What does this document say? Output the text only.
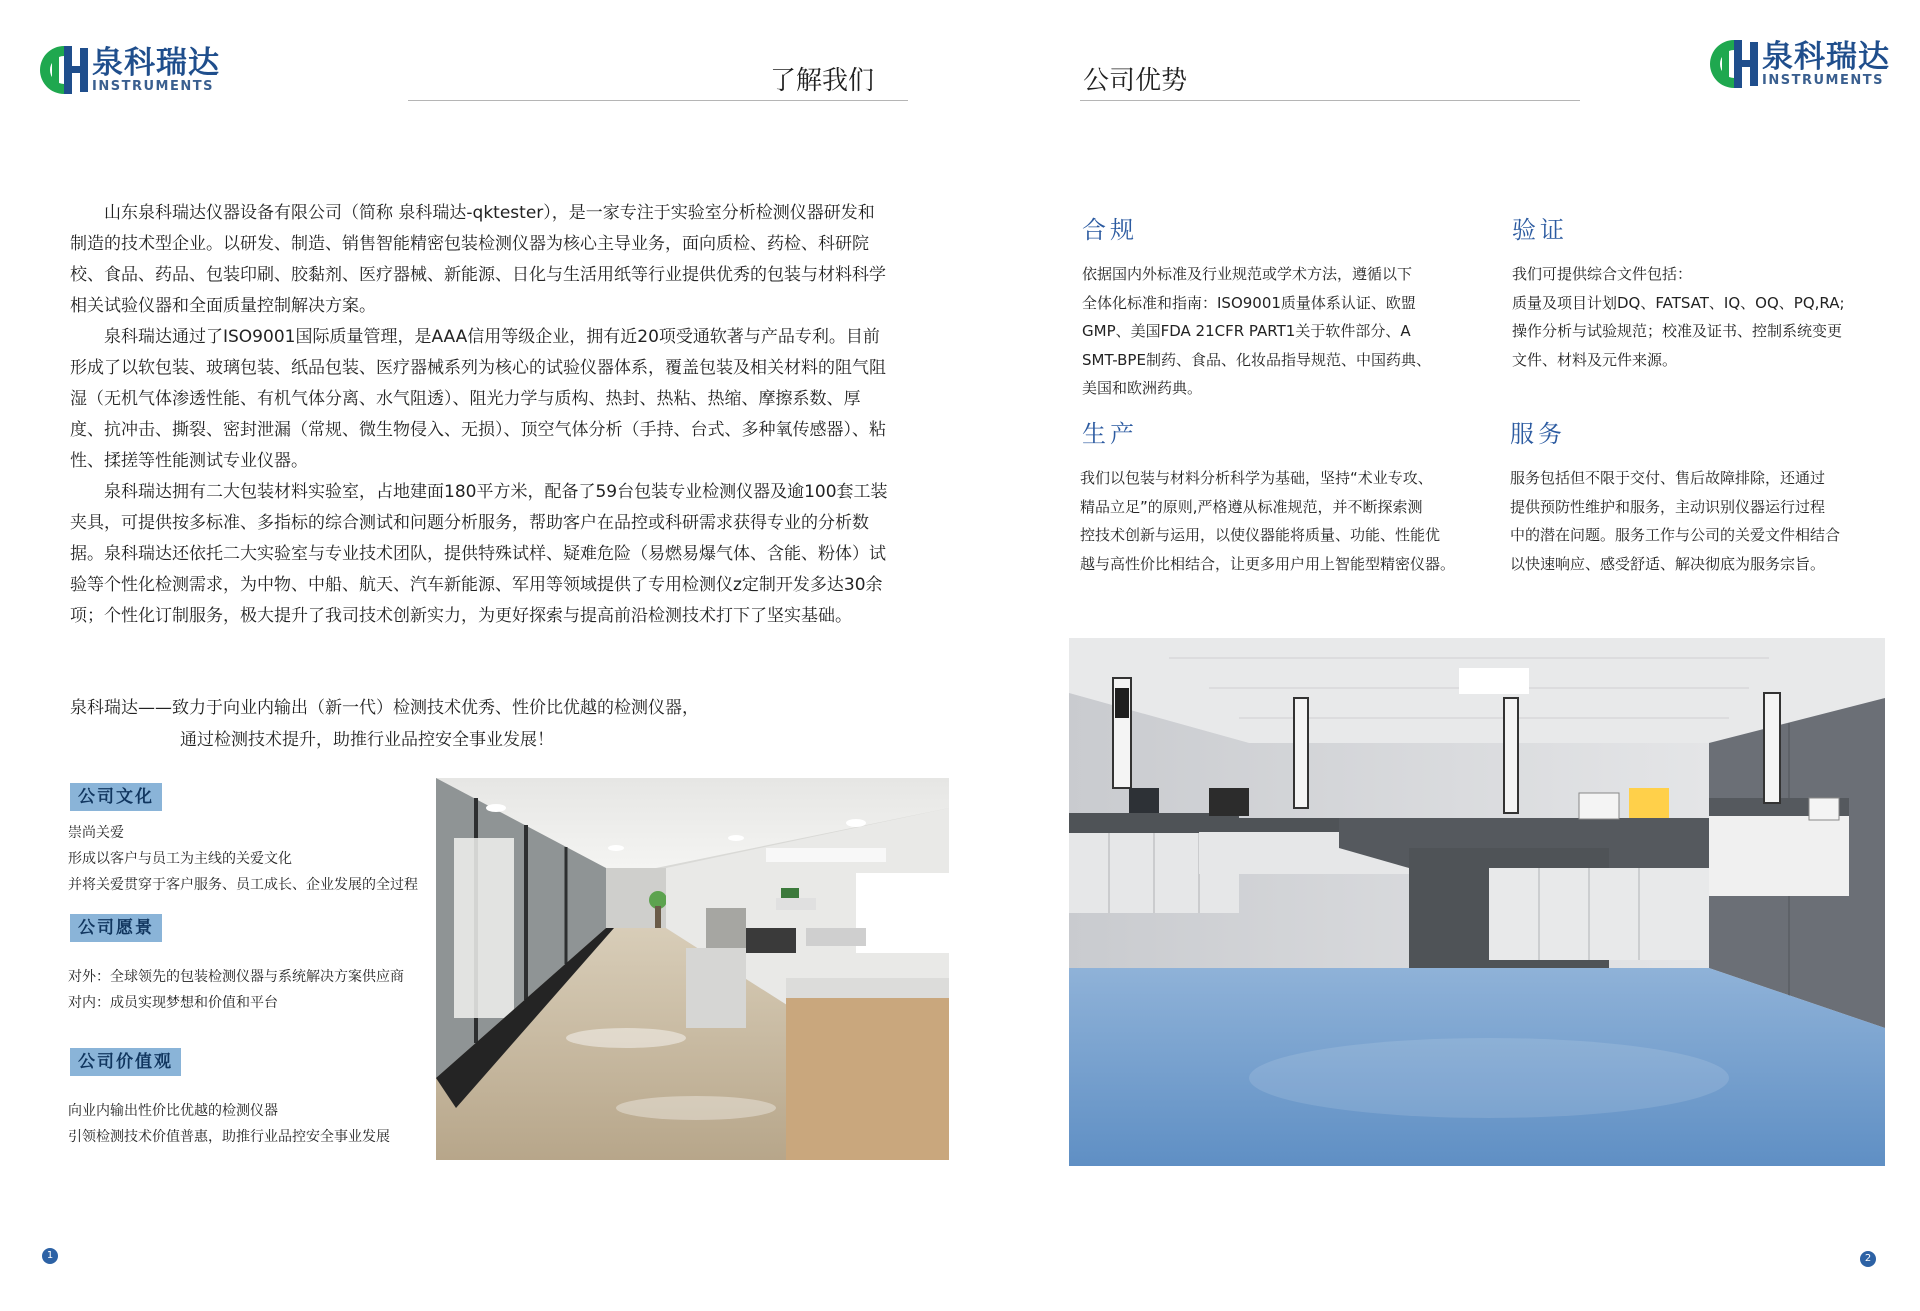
泉科瑞达
INSTRUMENTS	了解我们

山东泉科瑞达仪器设备有限公司（简称 泉科瑞达-qktester），是一家专注于实验室分析检测仪器研发和制造的技术型企业。以研发、制造、销售智能精密包装检测仪器为核心主导业务，面向质检、药检、科研院校、食品、药品、包装印刷、胶黏剂、医疗器械、新能源、日化与生活用纸等行业提供优秀的包装与材料科学相关试验仪器和全面质量控制解决方案。

泉科瑞达通过了ISO9001国际质量管理，是AAA信用等级企业，拥有近20项受通软著与产品专利。目前形成了以软包装、玻璃包装、纸品包装、医疗器械系列为核心的试验仪器体系，覆盖包装及相关材料的阻气阻湿（无机气体渗透性能、有机气体分离、水气阻透）、阻光力学与质构、热封、热粘、热缩、摩擦系数、厚度、抗冲击、撕裂、密封泄漏（常规、微生物侵入、无损）、顶空气体分析（手持、台式、多种氧传感器）、粘性、揉搓等性能测试专业仪器。

泉科瑞达拥有二大包装材料实验室，占地建面180平方米，配备了59台包装专业检测仪器及逾100套工装夹具，可提供按多标准、多指标的综合测试和问题分析服务，帮助客户在品控或科研需求获得专业的分析数据。泉科瑞达还依托二大实验室与专业技术团队，提供特殊试样、疑难危险（易燃易爆气体、含能、粉体）试验等个性化检测需求，为中物、中船、航天、汽车新能源、军用等领域提供了专用检测仪z定制开发多达30余项；个性化订制服务，极大提升了我司技术创新实力，为更好探索与提高前沿检测技术打下了坚实基础。

泉科瑞达——致力于向业内输出（新一代）检测技术优秀、性价比优越的检测仪器，
通过检测技术提升，助推行业品控安全事业发展！
公司文化
崇尚关爱
形成以客户与员工为主线的关爱文化
并将关爱贯穿于客户服务、员工成长、企业发展的全过程
公司愿景
对外：全球领先的包装检测仪器与系统解决方案供应商
对内：成员实现梦想和价值和平台
公司价值观
向业内输出性价比优越的检测仪器
引领检测技术价值普惠，助推行业品控安全事业发展
1
公司优势
泉科瑞达
INSTRUMENTS
合规
依据国内外标准及行业规范或学术方法，遵循以下
全体化标准和指南：ISO9001质量体系认证、欧盟
GMP、美国FDA 21CFR PART1关于软件部分、A
SMT-BPE制药、食品、化妆品指导规范、中国药典、
美国和欧洲药典。
验证
我们可提供综合文件包括：
质量及项目计划DQ、FATSAT、IQ、OQ、PQ,RA;
操作分析与试验规范；校准及证书、控制系统变更
文件、材料及元件来源。
生产
我们以包装与材料分析科学为基础，坚持“术业专攻、
精品立足”的原则,严格遵从标准规范，并不断探索测
控技术创新与运用，以使仪器能将质量、功能、性能优
越与高性价比相结合，让更多用户用上智能型精密仪器。
服务
服务包括但不限于交付、售后故障排除，还通过
提供预防性维护和服务，主动识别仪器运行过程
中的潜在问题。服务工作与公司的关爱文件相结合
以快速响应、感受舒适、解决彻底为服务宗旨。
2
